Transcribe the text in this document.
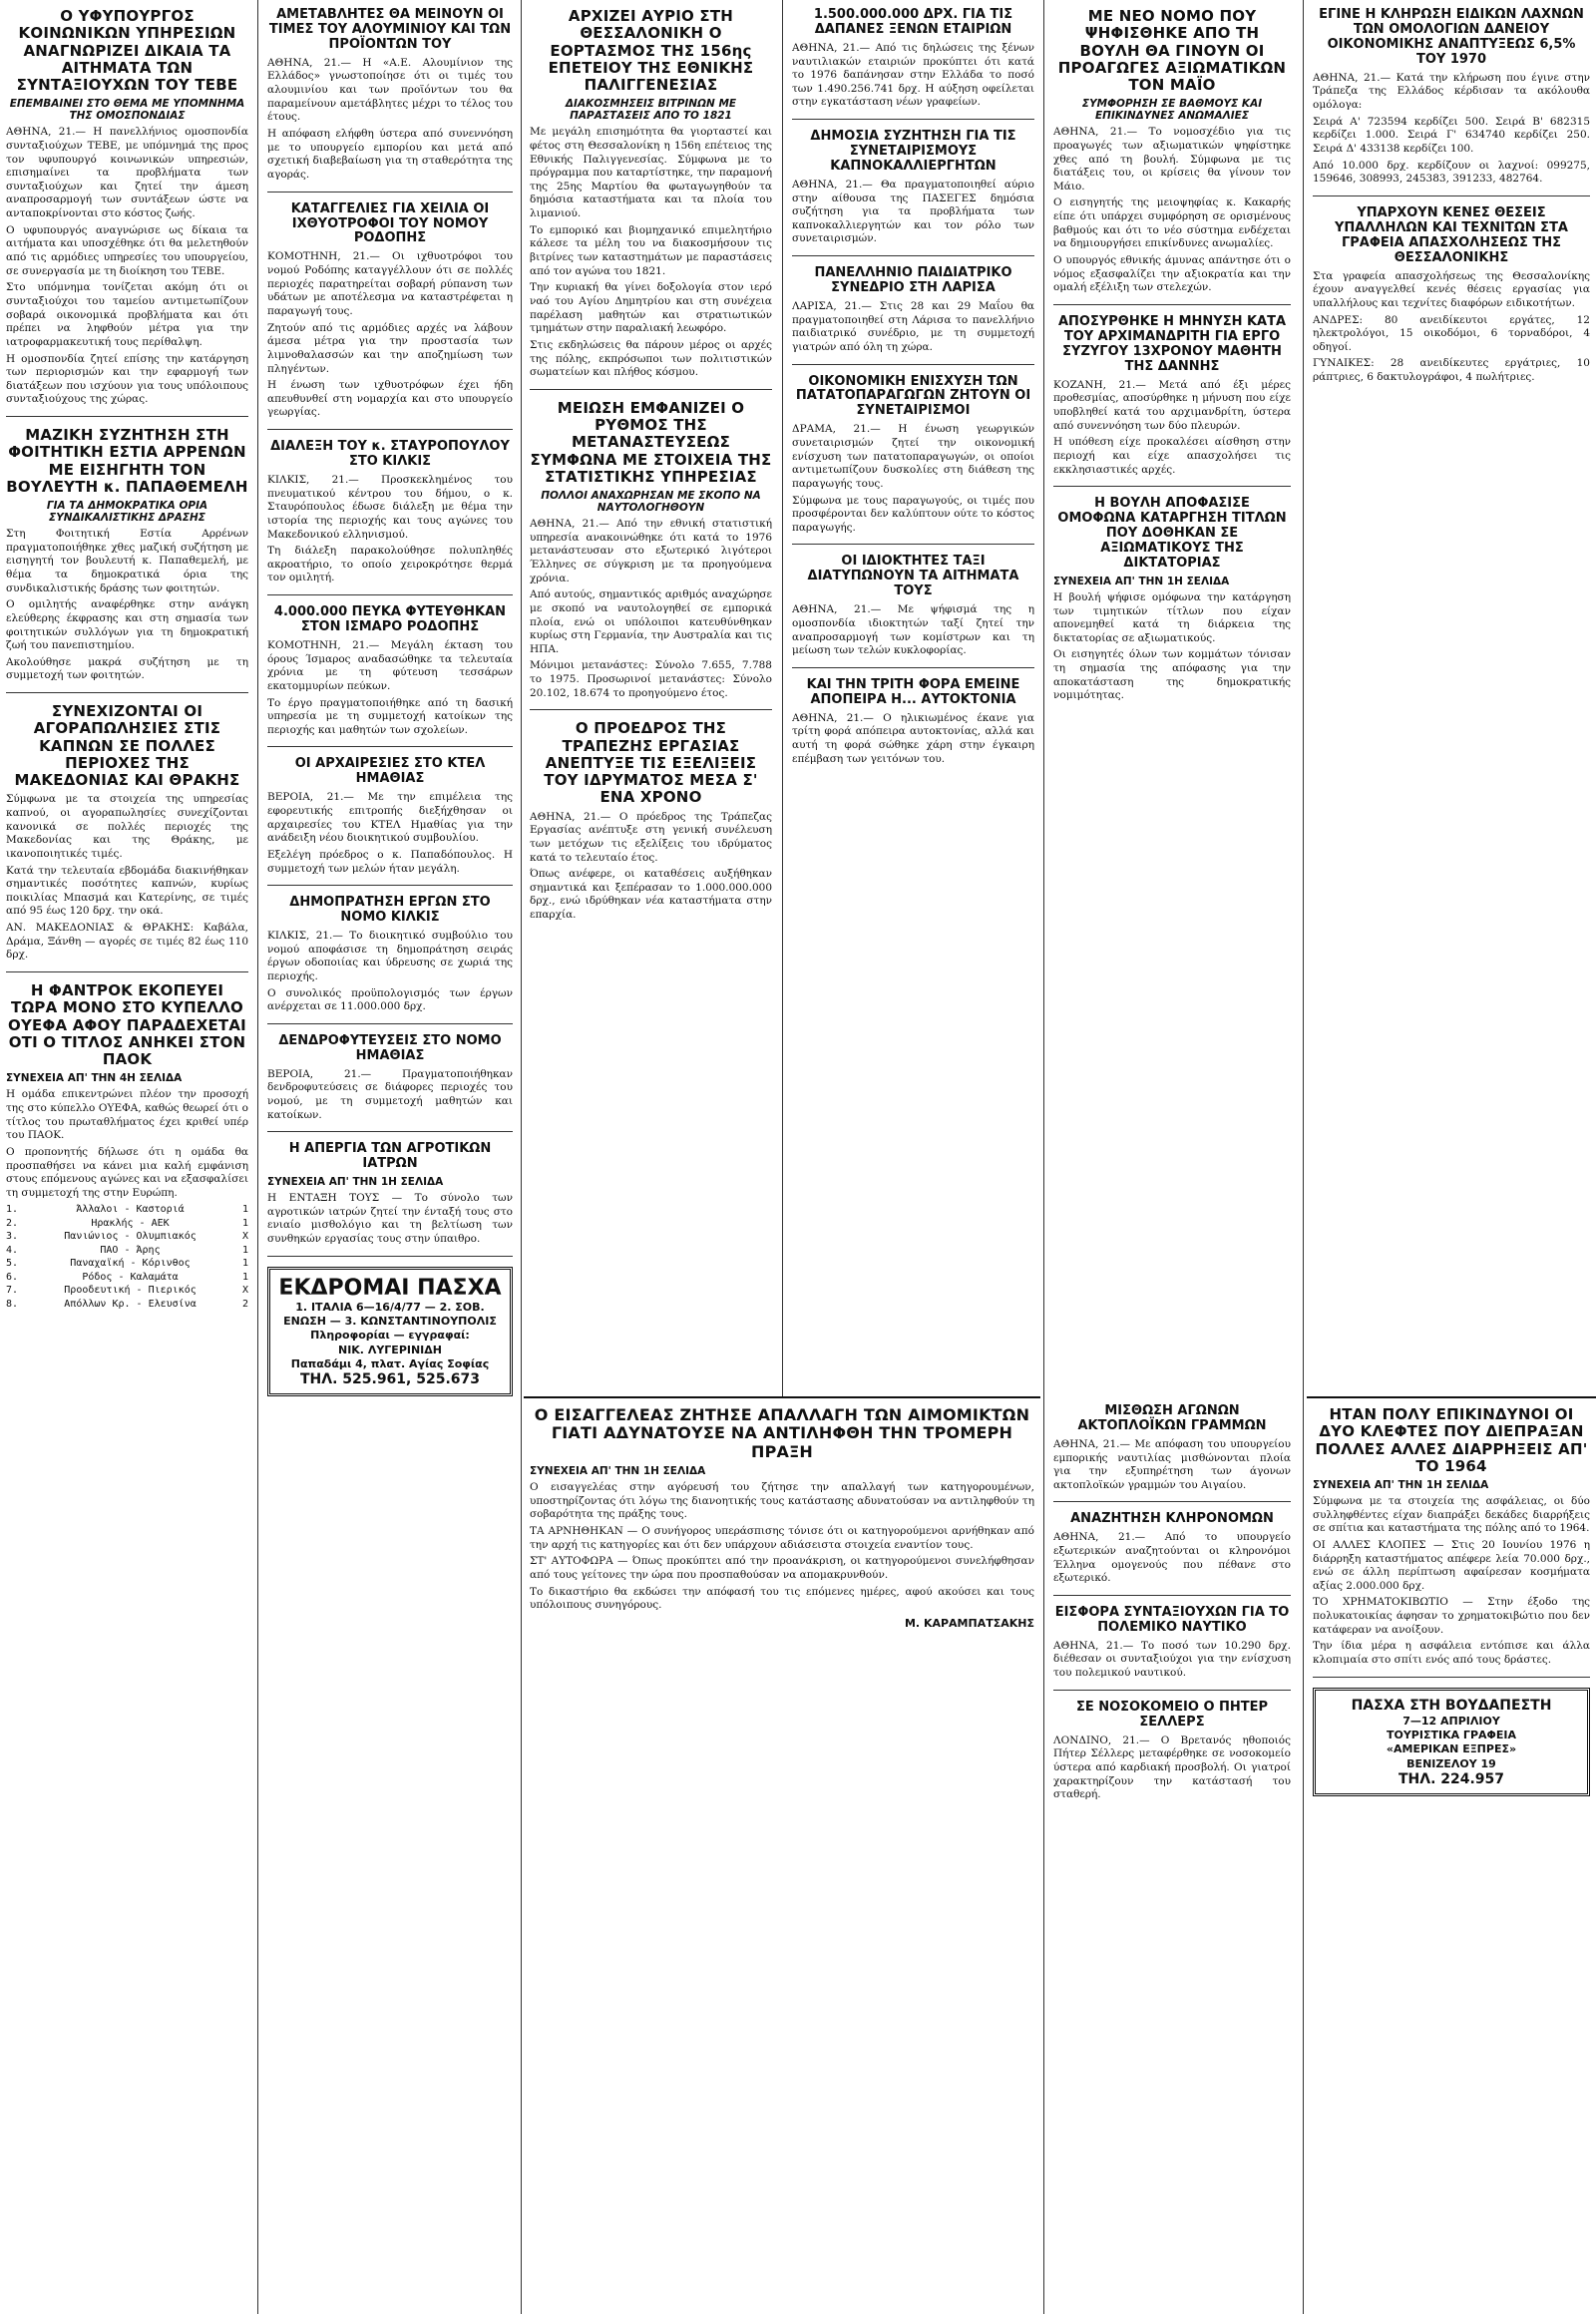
Ο ΥΦΥΠΟΥΡΓΟΣ ΚΟΙΝΩΝΙΚΩΝ ΥΠΗΡΕΣΙΩΝ ΑΝΑΓΝΩΡΙΖΕΙ ΔΙΚΑΙΑ ΤΑ ΑΙΤΗΜΑΤΑ ΤΩΝ ΣΥΝΤΑΞΙΟΥΧΩΝ ΤΟΥ ΤΕΒΕ
ΕΠΕΜΒΑΙΝΕΙ ΣΤΟ ΘΕΜΑ ΜΕ ΥΠΟΜΝΗΜΑ ΤΗΣ ΟΜΟΣΠΟΝΔΙΑΣ

ΑΘΗΝΑ, 21.— Η πανελλήνιος ομοσπονδία συνταξιούχων ΤΕΒΕ, με υπόμνημά της προς τον υφυπουργό κοινωνικών υπηρεσιών, επισημαίνει τα προβλήματα των συνταξιούχων και ζητεί την άμεση αναπροσαρμογή των συντάξεων ώστε να ανταποκρίνονται στο κόστος ζωής.

Ο υφυπουργός αναγνώρισε ως δίκαια τα αιτήματα και υποσχέθηκε ότι θα μελετηθούν από τις αρμόδιες υπηρεσίες του υπουργείου, σε συνεργασία με τη διοίκηση του ΤΕΒΕ.

Στο υπόμνημα τονίζεται ακόμη ότι οι συνταξιούχοι του ταμείου αντιμετωπίζουν σοβαρά οικονομικά προβλήματα και ότι πρέπει να ληφθούν μέτρα για την ιατροφαρμακευτική τους περίθαλψη.

Η ομοσπονδία ζητεί επίσης την κατάργηση των περιορισμών και την εφαρμογή των διατάξεων που ισχύουν για τους υπόλοιπους συνταξιούχους της χώρας.

ΜΑΖΙΚΗ ΣΥΖΗΤΗΣΗ ΣΤΗ ΦΟΙΤΗΤΙΚΗ ΕΣΤΙΑ ΑΡΡΕΝΩΝ ΜΕ ΕΙΣΗΓΗΤΗ ΤΟΝ ΒΟΥΛΕΥΤΗ κ. ΠΑΠΑΘΕΜΕΛΗ
ΓΙΑ ΤΑ ΔΗΜΟΚΡΑΤΙΚΑ ΟΡΙΑ ΣΥΝΔΙΚΑΛΙΣΤΙΚΗΣ ΔΡΑΣΗΣ

Στη Φοιτητική Εστία Αρρένων πραγματοποιήθηκε χθες μαζική συζήτηση με εισηγητή τον βουλευτή κ. Παπαθεμελή, με θέμα τα δημοκρατικά όρια της συνδικαλιστικής δράσης των φοιτητών.

Ο ομιλητής αναφέρθηκε στην ανάγκη ελεύθερης έκφρασης και στη σημασία των φοιτητικών συλλόγων για τη δημοκρατική ζωή του πανεπιστημίου.

Ακολούθησε μακρά συζήτηση με τη συμμετοχή των φοιτητών.

ΣΥΝΕΧΙΖΟΝΤΑΙ ΟΙ ΑΓΟΡΑΠΩΛΗΣΙΕΣ ΣΤΙΣ ΚΑΠΝΩΝ ΣΕ ΠΟΛΛΕΣ ΠΕΡΙΟΧΕΣ ΤΗΣ ΜΑΚΕΔΟΝΙΑΣ ΚΑΙ ΘΡΑΚΗΣ

Σύμφωνα με τα στοιχεία της υπηρεσίας καπνού, οι αγοραπωλησίες συνεχίζονται κανονικά σε πολλές περιοχές της Μακεδονίας και της Θράκης, με ικανοποιητικές τιμές.

Κατά την τελευταία εβδομάδα διακινήθηκαν σημαντικές ποσότητες καπνών, κυρίως ποικιλίας Μπασμά και Κατερίνης, σε τιμές από 95 έως 120 δρχ. την οκά.

ΑΝ. ΜΑΚΕΔΟΝΙΑΣ & ΘΡΑΚΗΣ: Καβάλα, Δράμα, Ξάνθη — αγορές σε τιμές 82 έως 110 δρχ.

Η ΦΑΝΤΡΟΚ ΕΚΟΠΕΥΕΙ ΤΩΡΑ ΜΟΝΟ ΣΤΟ ΚΥΠΕΛΛΟ ΟΥΕΦΑ ΑΦΟΥ ΠΑΡΑΔΕΧΕΤΑΙ ΟΤΙ Ο ΤΙΤΛΟΣ ΑΝΗΚΕΙ ΣΤΟΝ ΠΑΟΚ
ΣΥΝΕΧΕΙΑ ΑΠ' ΤΗΝ 4Η ΣΕΛΙΔΑ

Η ομάδα επικεντρώνει πλέον την προσοχή της στο κύπελλο ΟΥΕΦΑ, καθώς θεωρεί ότι ο τίτλος του πρωταθλήματος έχει κριθεί υπέρ του ΠΑΟΚ.

Ο προπονητής δήλωσε ότι η ομάδα θα προσπαθήσει να κάνει μια καλή εμφάνιση στους επόμενους αγώνες και να εξασφαλίσει τη συμμετοχή της στην Ευρώπη.

1.	Άλλαλοι - Καστοριά	1
2.	Ηρακλής - ΑΕΚ	1
3.	Πανιώνιος - Ολυμπιακός	Χ
4.	ΠΑΟ - Άρης	1
5.	Παναχαϊκή - Κόρινθος	1
6.	Ρόδος - Καλαμάτα	1
7.	Προοδευτική - Πιερικός	Χ
8.	Απόλλων Κρ. - Ελευσίνα	2
ΑΜΕΤΑΒΛΗΤΕΣ ΘΑ ΜΕΙΝΟΥΝ ΟΙ ΤΙΜΕΣ ΤΟΥ ΑΛΟΥΜΙΝΙΟΥ ΚΑΙ ΤΩΝ ΠΡΟΪΟΝΤΩΝ ΤΟΥ

ΑΘΗΝΑ, 21.— Η «Α.Ε. Αλουμίνιον της Ελλάδος» γνωστοποίησε ότι οι τιμές του αλουμινίου και των προϊόντων του θα παραμείνουν αμετάβλητες μέχρι το τέλος του έτους.

Η απόφαση ελήφθη ύστερα από συνεννόηση με το υπουργείο εμπορίου και μετά από σχετική διαβεβαίωση για τη σταθερότητα της αγοράς.

ΚΑΤΑΓΓΕΛΙΕΣ ΓΙΑ ΧΕΙΛΙΑ ΟΙ ΙΧΘΥΟΤΡΟΦΟΙ ΤΟΥ ΝΟΜΟΥ ΡΟΔΟΠΗΣ

ΚΟΜΟΤΗΝΗ, 21.— Οι ιχθυοτρόφοι του νομού Ροδόπης καταγγέλλουν ότι σε πολλές περιοχές παρατηρείται σοβαρή ρύπανση των υδάτων με αποτέλεσμα να καταστρέφεται η παραγωγή τους.

Ζητούν από τις αρμόδιες αρχές να λάβουν άμεσα μέτρα για την προστασία των λιμνοθαλασσών και την αποζημίωση των πληγέντων.

Η ένωση των ιχθυοτρόφων έχει ήδη απευθυνθεί στη νομαρχία και στο υπουργείο γεωργίας.

ΔΙΑΛΕΞΗ ΤΟΥ κ. ΣΤΑΥΡΟΠΟΥΛΟΥ ΣΤΟ ΚΙΛΚΙΣ

ΚΙΛΚΙΣ, 21.— Προσκεκλημένος του πνευματικού κέντρου του δήμου, ο κ. Σταυρόπουλος έδωσε διάλεξη με θέμα την ιστορία της περιοχής και τους αγώνες του Μακεδονικού ελληνισμού.

Τη διάλεξη παρακολούθησε πολυπληθές ακροατήριο, το οποίο χειροκρότησε θερμά τον ομιλητή.

4.000.000 ΠΕΥΚΑ ΦΥΤΕΥΘΗΚΑΝ ΣΤΟΝ ΙΣΜΑΡΟ ΡΟΔΟΠΗΣ

ΚΟΜΟΤΗΝΗ, 21.— Μεγάλη έκταση του όρους Ίσμαρος αναδασώθηκε τα τελευταία χρόνια με τη φύτευση τεσσάρων εκατομμυρίων πεύκων.

Το έργο πραγματοποιήθηκε από τη δασική υπηρεσία με τη συμμετοχή κατοίκων της περιοχής και μαθητών των σχολείων.

ΟΙ ΑΡΧΑΙΡΕΣΙΕΣ ΣΤΟ ΚΤΕΛ ΗΜΑΘΙΑΣ

ΒΕΡΟΙΑ, 21.— Με την επιμέλεια της εφορευτικής επιτροπής διεξήχθησαν οι αρχαιρεσίες του ΚΤΕΛ Ημαθίας για την ανάδειξη νέου διοικητικού συμβουλίου.

Εξελέγη πρόεδρος ο κ. Παπαδόπουλος. Η συμμετοχή των μελών ήταν μεγάλη.

ΔΗΜΟΠΡΑΤΗΣΗ ΕΡΓΩΝ ΣΤΟ ΝΟΜΟ ΚΙΛΚΙΣ

ΚΙΛΚΙΣ, 21.— Το διοικητικό συμβούλιο του νομού αποφάσισε τη δημοπράτηση σειράς έργων οδοποιίας και ύδρευσης σε χωριά της περιοχής.

Ο συνολικός προϋπολογισμός των έργων ανέρχεται σε 11.000.000 δρχ.

ΔΕΝΔΡΟΦΥΤΕΥΣΕΙΣ ΣΤΟ ΝΟΜΟ ΗΜΑΘΙΑΣ

ΒΕΡΟΙΑ, 21.— Πραγματοποιήθηκαν δενδροφυτεύσεις σε διάφορες περιοχές του νομού, με τη συμμετοχή μαθητών και κατοίκων.

Η ΑΠΕΡΓΙΑ ΤΩΝ ΑΓΡΟΤΙΚΩΝ ΙΑΤΡΩΝ
ΣΥΝΕΧΕΙΑ ΑΠ' ΤΗΝ 1Η ΣΕΛΙΔΑ

Η ΕΝΤΑΞΗ ΤΟΥΣ — Το σύνολο των αγροτικών ιατρών ζητεί την ένταξή τους στο ενιαίο μισθολόγιο και τη βελτίωση των συνθηκών εργασίας τους στην ύπαιθρο.

ΕΚΔΡΟΜΑΙ ΠΑΣΧΑ
1. ΙΤΑΛΙΑ 6—16/4/77 — 2. ΣΟΒ. ΕΝΩΣΗ — 3. ΚΩΝΣΤΑΝΤΙΝΟΥΠΟΛΙΣ
Πληροφορίαι — εγγραφαί:
ΝΙΚ. ΛΥΓΕΡΙΝΙΔΗ
Παπαδάμι 4, πλατ. Αγίας Σοφίας
ΤΗΛ. 525.961, 525.673
ΑΡΧΙΖΕΙ ΑΥΡΙΟ ΣΤΗ ΘΕΣΣΑΛΟΝΙΚΗ Ο ΕΟΡΤΑΣΜΟΣ ΤΗΣ 156ης ΕΠΕΤΕΙΟΥ ΤΗΣ ΕΘΝΙΚΗΣ ΠΑΛΙΓΓΕΝΕΣΙΑΣ
ΔΙΑΚΟΣΜΗΣΕΙΣ ΒΙΤΡΙΝΩΝ ΜΕ ΠΑΡΑΣΤΑΣΕΙΣ ΑΠΟ ΤΟ 1821

Με μεγάλη επισημότητα θα γιορταστεί και φέτος στη Θεσσαλονίκη η 156η επέτειος της Εθνικής Παλιγγενεσίας. Σύμφωνα με το πρόγραμμα που καταρτίστηκε, την παραμονή της 25ης Μαρτίου θα φωταγωγηθούν τα δημόσια καταστήματα και τα πλοία του λιμανιού.

Το εμπορικό και βιομηχανικό επιμελητήριο κάλεσε τα μέλη του να διακοσμήσουν τις βιτρίνες των καταστημάτων με παραστάσεις από τον αγώνα του 1821.

Την κυριακή θα γίνει δοξολογία στον ιερό ναό του Αγίου Δημητρίου και στη συνέχεια παρέλαση μαθητών και στρατιωτικών τμημάτων στην παραλιακή λεωφόρο.

Στις εκδηλώσεις θα πάρουν μέρος οι αρχές της πόλης, εκπρόσωποι των πολιτιστικών σωματείων και πλήθος κόσμου.

ΜΕΙΩΣΗ ΕΜΦΑΝΙΖΕΙ Ο ΡΥΘΜΟΣ ΤΗΣ ΜΕΤΑΝΑΣΤΕΥΣΕΩΣ ΣΥΜΦΩΝΑ ΜΕ ΣΤΟΙΧΕΙΑ ΤΗΣ ΣΤΑΤΙΣΤΙΚΗΣ ΥΠΗΡΕΣΙΑΣ
ΠΟΛΛΟΙ ΑΝΑΧΩΡΗΣΑΝ ΜΕ ΣΚΟΠΟ ΝΑ ΝΑΥΤΟΛΟΓΗΘΟΥΝ

ΑΘΗΝΑ, 21.— Από την εθνική στατιστική υπηρεσία ανακοινώθηκε ότι κατά το 1976 μετανάστευσαν στο εξωτερικό λιγότεροι Έλληνες σε σύγκριση με τα προηγούμενα χρόνια.

Από αυτούς, σημαντικός αριθμός αναχώρησε με σκοπό να ναυτολογηθεί σε εμπορικά πλοία, ενώ οι υπόλοιποι κατευθύνθηκαν κυρίως στη Γερμανία, την Αυστραλία και τις ΗΠΑ.

Μόνιμοι μετανάστες: Σύνολο 7.655, 7.788 το 1975. Προσωρινοί μετανάστες: Σύνολο 20.102, 18.674 το προηγούμενο έτος.

Ο ΠΡΟΕΔΡΟΣ ΤΗΣ ΤΡΑΠΕΖΗΣ ΕΡΓΑΣΙΑΣ ΑΝΕΠΤΥΞΕ ΤΙΣ ΕΞΕΛΙΞΕΙΣ ΤΟΥ ΙΔΡΥΜΑΤΟΣ ΜΕΣΑ Σ' ΕΝΑ ΧΡΟΝΟ

ΑΘΗΝΑ, 21.— Ο πρόεδρος της Τράπεζας Εργασίας ανέπτυξε στη γενική συνέλευση των μετόχων τις εξελίξεις του ιδρύματος κατά το τελευταίο έτος.

Όπως ανέφερε, οι καταθέσεις αυξήθηκαν σημαντικά και ξεπέρασαν το 1.000.000.000 δρχ., ενώ ιδρύθηκαν νέα καταστήματα στην επαρχία.

Ο ΕΙΣΑΓΓΕΛΕΑΣ ΖΗΤΗΣΕ ΑΠΑΛΛΑΓΗ ΤΩΝ ΑΙΜΟΜΙΚΤΩΝ ΓΙΑΤΙ ΑΔΥΝΑΤΟΥΣΕ ΝΑ ΑΝΤΙΛΗΦΘΗ ΤΗΝ ΤΡΟΜΕΡΗ ΠΡΑΞΗ
ΣΥΝΕΧΕΙΑ ΑΠ' ΤΗΝ 1Η ΣΕΛΙΔΑ

Ο εισαγγελέας στην αγόρευσή του ζήτησε την απαλλαγή των κατηγορουμένων, υποστηρίζοντας ότι λόγω της διανοητικής τους κατάστασης αδυνατούσαν να αντιληφθούν τη σοβαρότητα της πράξης τους.

ΤΑ ΑΡΝΗΘΗΚΑΝ — Ο συνήγορος υπεράσπισης τόνισε ότι οι κατηγορούμενοι αρνήθηκαν από την αρχή τις κατηγορίες και ότι δεν υπάρχουν αδιάσειστα στοιχεία εναντίον τους.

ΣΤ' ΑΥΤΟΦΩΡΑ — Όπως προκύπτει από την προανάκριση, οι κατηγορούμενοι συνελήφθησαν από τους γείτονες την ώρα που προσπαθούσαν να απομακρυνθούν.

Το δικαστήριο θα εκδώσει την απόφασή του τις επόμενες ημέρες, αφού ακούσει και τους υπόλοιπους συνηγόρους.

Μ. ΚΑΡΑΜΠΑΤΣΑΚΗΣ
1.500.000.000 ΔΡΧ. ΓΙΑ ΤΙΣ ΔΑΠΑΝΕΣ ΞΕΝΩΝ ΕΤΑΙΡΙΩΝ

ΑΘΗΝΑ, 21.— Από τις δηλώσεις της ξένων ναυτιλιακών εταιριών προκύπτει ότι κατά το 1976 δαπάνησαν στην Ελλάδα το ποσό των 1.490.256.741 δρχ. Η αύξηση οφείλεται στην εγκατάσταση νέων γραφείων.

ΔΗΜΟΣΙΑ ΣΥΖΗΤΗΣΗ ΓΙΑ ΤΙΣ ΣΥΝΕΤΑΙΡΙΣΜΟΥΣ ΚΑΠΝΟΚΑΛΛΙΕΡΓΗΤΩΝ

ΑΘΗΝΑ, 21.— Θα πραγματοποιηθεί αύριο στην αίθουσα της ΠΑΣΕΓΕΣ δημόσια συζήτηση για τα προβλήματα των καπνοκαλλιεργητών και τον ρόλο των συνεταιρισμών.

ΠΑΝΕΛΛΗΝΙΟ ΠΑΙΔΙΑΤΡΙΚΟ ΣΥΝΕΔΡΙΟ ΣΤΗ ΛΑΡΙΣΑ

ΛΑΡΙΣΑ, 21.— Στις 28 και 29 Μαΐου θα πραγματοποιηθεί στη Λάρισα το πανελλήνιο παιδιατρικό συνέδριο, με τη συμμετοχή γιατρών από όλη τη χώρα.

ΟΙΚΟΝΟΜΙΚΗ ΕΝΙΣΧΥΣΗ ΤΩΝ ΠΑΤΑΤΟΠΑΡΑΓΩΓΩΝ ΖΗΤΟΥΝ ΟΙ ΣΥΝΕΤΑΙΡΙΣΜΟΙ

ΔΡΑΜΑ, 21.— Η ένωση γεωργικών συνεταιρισμών ζητεί την οικονομική ενίσχυση των πατατοπαραγωγών, οι οποίοι αντιμετωπίζουν δυσκολίες στη διάθεση της παραγωγής τους.

Σύμφωνα με τους παραγωγούς, οι τιμές που προσφέρονται δεν καλύπτουν ούτε το κόστος παραγωγής.

ΟΙ ΙΔΙΟΚΤΗΤΕΣ ΤΑΞΙ ΔΙΑΤΥΠΩΝΟΥΝ ΤΑ ΑΙΤΗΜΑΤΑ ΤΟΥΣ

ΑΘΗΝΑ, 21.— Με ψήφισμά της η ομοσπονδία ιδιοκτητών ταξί ζητεί την αναπροσαρμογή των κομίστρων και τη μείωση των τελών κυκλοφορίας.

ΚΑΙ ΤΗΝ ΤΡΙΤΗ ΦΟΡΑ ΕΜΕΙΝΕ ΑΠΟΠΕΙΡΑ Η... ΑΥΤΟΚΤΟΝΙΑ

ΑΘΗΝΑ, 21.— Ο ηλικιωμένος έκανε για τρίτη φορά απόπειρα αυτοκτονίας, αλλά και αυτή τη φορά σώθηκε χάρη στην έγκαιρη επέμβαση των γειτόνων του.

ΜΙΣΘΩΣΗ ΑΓΩΝΩΝ ΑΚΤΟΠΛΟΪΚΩΝ ΓΡΑΜΜΩΝ

ΑΘΗΝΑ, 21.— Με απόφαση του υπουργείου εμπορικής ναυτιλίας μισθώνονται πλοία για την εξυπηρέτηση των άγονων ακτοπλοϊκών γραμμών του Αιγαίου.

ΑΝΑΖΗΤΗΣΗ ΚΛΗΡΟΝΟΜΩΝ

ΑΘΗΝΑ, 21.— Από το υπουργείο εξωτερικών αναζητούνται οι κληρονόμοι Έλληνα ομογενούς που πέθανε στο εξωτερικό.

ΕΙΣΦΟΡΑ ΣΥΝΤΑΞΙΟΥΧΩΝ ΓΙΑ ΤΟ ΠΟΛΕΜΙΚΟ ΝΑΥΤΙΚΟ

ΑΘΗΝΑ, 21.— Το ποσό των 10.290 δρχ. διέθεσαν οι συνταξιούχοι για την ενίσχυση του πολεμικού ναυτικού.

ΣΕ ΝΟΣΟΚΟΜΕΙΟ Ο ΠΗΤΕΡ ΣΕΛΛΕΡΣ

ΛΟΝΔΙΝΟ, 21.— Ο Βρετανός ηθοποιός Πήτερ Σέλλερς μεταφέρθηκε σε νοσοκομείο ύστερα από καρδιακή προσβολή. Οι γιατροί χαρακτηρίζουν την κατάστασή του σταθερή.

ΜΕ ΝΕΟ ΝΟΜΟ ΠΟΥ ΨΗΦΙΣΘΗΚΕ ΑΠΟ ΤΗ ΒΟΥΛΗ ΘΑ ΓΙΝΟΥΝ ΟΙ ΠΡΟΑΓΩΓΕΣ ΑΞΙΩΜΑΤΙΚΩΝ ΤΟΝ ΜΑΪΟ
ΣΥΜΦΟΡΗΣΗ ΣΕ ΒΑΘΜΟΥΣ ΚΑΙ ΕΠΙΚΙΝΔΥΝΕΣ ΑΝΩΜΑΛΙΕΣ

ΑΘΗΝΑ, 21.— Το νομοσχέδιο για τις προαγωγές των αξιωματικών ψηφίστηκε χθες από τη βουλή. Σύμφωνα με τις διατάξεις του, οι κρίσεις θα γίνουν τον Μάιο.

Ο εισηγητής της μειοψηφίας κ. Κακαρής είπε ότι υπάρχει συμφόρηση σε ορισμένους βαθμούς και ότι το νέο σύστημα ενδέχεται να δημιουργήσει επικίνδυνες ανωμαλίες.

Ο υπουργός εθνικής άμυνας απάντησε ότι ο νόμος εξασφαλίζει την αξιοκρατία και την ομαλή εξέλιξη των στελεχών.

ΑΠΟΣΥΡΘΗΚΕ Η ΜΗΝΥΣΗ ΚΑΤΑ ΤΟΥ ΑΡΧΙΜΑΝΔΡΙΤΗ ΓΙΑ ΕΡΓΟ ΣΥΖΥΓΟΥ 13ΧΡΟΝΟΥ ΜΑΘΗΤΗ ΤΗΣ ΔΑΝΝΗΣ

ΚΟΖΑΝΗ, 21.— Μετά από έξι μέρες προθεσμίας, αποσύρθηκε η μήνυση που είχε υποβληθεί κατά του αρχιμανδρίτη, ύστερα από συνεννόηση των δύο πλευρών.

Η υπόθεση είχε προκαλέσει αίσθηση στην περιοχή και είχε απασχολήσει τις εκκλησιαστικές αρχές.

Η ΒΟΥΛΗ ΑΠΟΦΑΣΙΣΕ ΟΜΟΦΩΝΑ ΚΑΤΑΡΓΗΣΗ ΤΙΤΛΩΝ ΠΟΥ ΔΟΘΗΚΑΝ ΣΕ ΑΞΙΩΜΑΤΙΚΟΥΣ ΤΗΣ ΔΙΚΤΑΤΟΡΙΑΣ
ΣΥΝΕΧΕΙΑ ΑΠ' ΤΗΝ 1Η ΣΕΛΙΔΑ

Η βουλή ψήφισε ομόφωνα την κατάργηση των τιμητικών τίτλων που είχαν απονεμηθεί κατά τη διάρκεια της δικτατορίας σε αξιωματικούς.

Οι εισηγητές όλων των κομμάτων τόνισαν τη σημασία της απόφασης για την αποκατάσταση της δημοκρατικής νομιμότητας.

ΕΓΙΝΕ Η ΚΛΗΡΩΣΗ ΕΙΔΙΚΩΝ ΛΑΧΝΩΝ ΤΩΝ ΟΜΟΛΟΓΙΩΝ ΔΑΝΕΙΟΥ ΟΙΚΟΝΟΜΙΚΗΣ ΑΝΑΠΤΥΞΕΩΣ 6,5% ΤΟΥ 1970

ΑΘΗΝΑ, 21.— Κατά την κλήρωση που έγινε στην Τράπεζα της Ελλάδος κέρδισαν τα ακόλουθα ομόλογα:

Σειρά Α' 723594 κερδίζει 500. Σειρά Β' 682315 κερδίζει 1.000. Σειρά Γ' 634740 κερδίζει 250. Σειρά Δ' 433138 κερδίζει 100.

Από 10.000 δρχ. κερδίζουν οι λαχνοί: 099275, 159646, 308993, 245383, 391233, 482764.

ΥΠΑΡΧΟΥΝ ΚΕΝΕΣ ΘΕΣΕΙΣ ΥΠΑΛΛΗΛΩΝ ΚΑΙ ΤΕΧΝΙΤΩΝ ΣΤΑ ΓΡΑΦΕΙΑ ΑΠΑΣΧΟΛΗΣΕΩΣ ΤΗΣ ΘΕΣΣΑΛΟΝΙΚΗΣ

Στα γραφεία απασχολήσεως της Θεσσαλονίκης έχουν αναγγελθεί κενές θέσεις εργασίας για υπαλλήλους και τεχνίτες διαφόρων ειδικοτήτων.

ΑΝΔΡΕΣ: 80 ανειδίκευτοι εργάτες, 12 ηλεκτρολόγοι, 15 οικοδόμοι, 6 τορναδόροι, 4 οδηγοί.

ΓΥΝΑΙΚΕΣ: 28 ανειδίκευτες εργάτριες, 10 ράπτριες, 6 δακτυλογράφοι, 4 πωλήτριες.

ΗΤΑΝ ΠΟΛΥ ΕΠΙΚΙΝΔΥΝΟΙ ΟΙ ΔΥΟ ΚΛΕΦΤΕΣ ΠΟΥ ΔΙΕΠΡΑΞΑΝ ΠΟΛΛΕΣ ΑΛΛΕΣ ΔΙΑΡΡΗΞΕΙΣ ΑΠ' ΤΟ 1964
ΣΥΝΕΧΕΙΑ ΑΠ' ΤΗΝ 1Η ΣΕΛΙΔΑ

Σύμφωνα με τα στοιχεία της ασφάλειας, οι δύο συλληφθέντες είχαν διαπράξει δεκάδες διαρρήξεις σε σπίτια και καταστήματα της πόλης από το 1964.

ΟΙ ΑΛΛΕΣ ΚΛΟΠΕΣ — Στις 20 Ιουνίου 1976 η διάρρηξη καταστήματος απέφερε λεία 70.000 δρχ., ενώ σε άλλη περίπτωση αφαίρεσαν κοσμήματα αξίας 2.000.000 δρχ.

ΤΟ ΧΡΗΜΑΤΟΚΙΒΩΤΙΟ — Στην έξοδο της πολυκατοικίας άφησαν το χρηματοκιβώτιο που δεν κατάφεραν να ανοίξουν.

Την ίδια μέρα η ασφάλεια εντόπισε και άλλα κλοπιμαία στο σπίτι ενός από τους δράστες.

ΠΑΣΧΑ ΣΤΗ ΒΟΥΔΑΠΕΣΤΗ
7—12 ΑΠΡΙΛΙΟΥ
ΤΟΥΡΙΣΤΙΚΑ ΓΡΑΦΕΙΑ
«ΑΜΕΡΙΚΑΝ ΕΞΠΡΕΣ»
ΒΕΝΙΖΕΛΟΥ 19
ΤΗΛ. 224.957
